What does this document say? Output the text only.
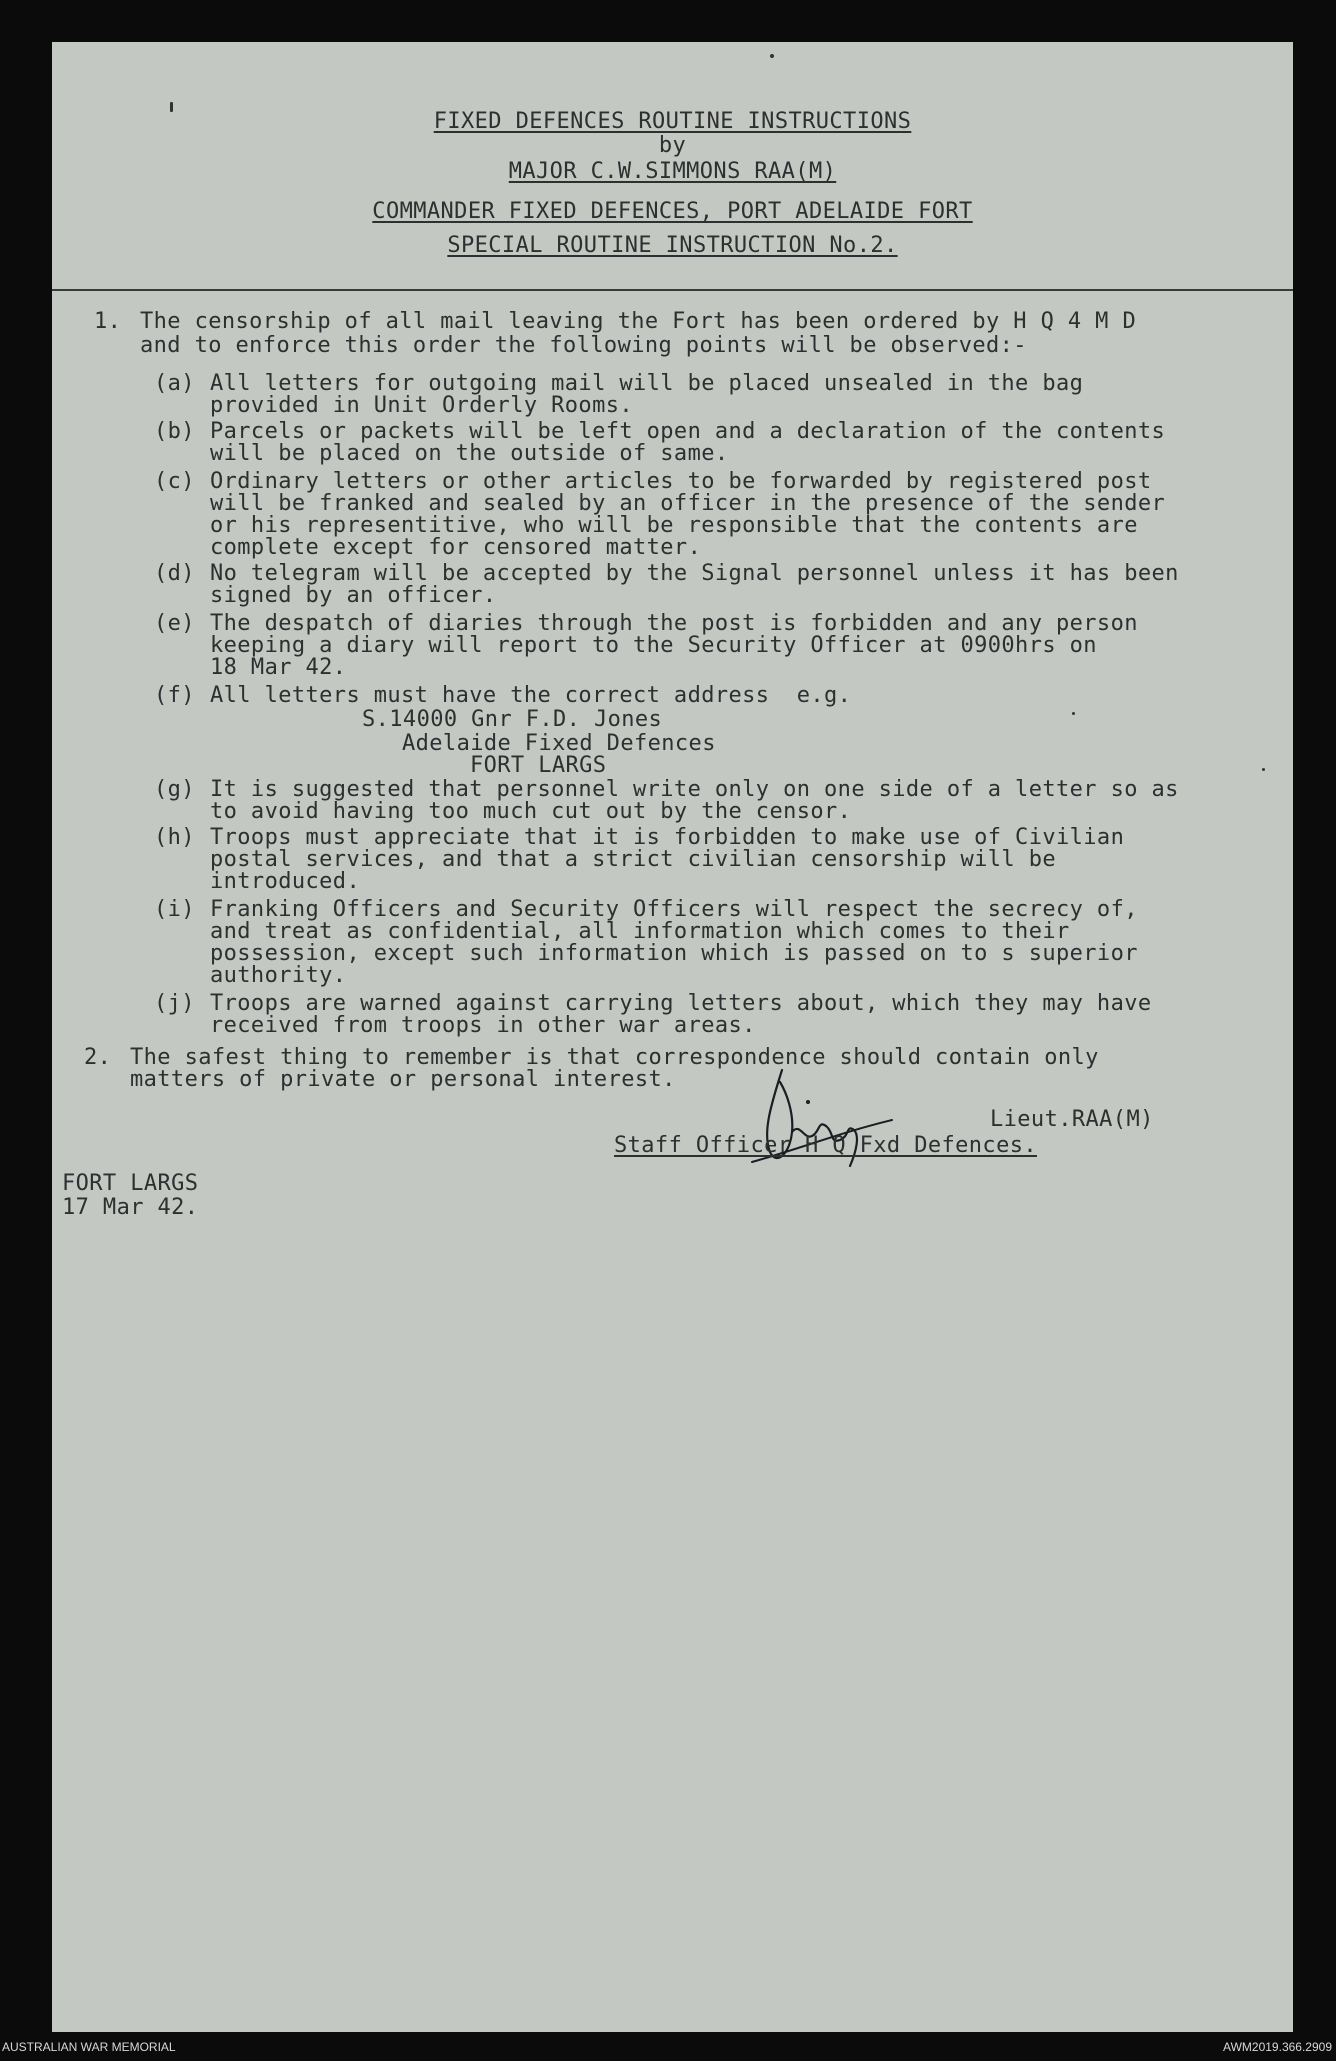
FIXED DEFENCES ROUTINE INSTRUCTIONS
by
MAJOR C.W.SIMMONS RAA(M)
COMMANDER FIXED DEFENCES, PORT ADELAIDE FORT
SPECIAL ROUTINE INSTRUCTION No.2.
1. The censorship of all mail leaving the Fort has been ordered by H Q 4 M D
and to enforce this order the following points will be observed:-
(a) All letters for outgoing mail will be placed unsealed in the bag
provided in Unit Orderly Rooms.
(b) Parcels or packets will be left open and a declaration of the contents
will be placed on the outside of same.
(c) Ordinary letters or other articles to be forwarded by registered post
will be franked and sealed by an officer in the presence of the sender
or his representitive, who will be responsible that the contents are
complete except for censored matter.
(d) No telegram will be accepted by the Signal personnel unless it has been
signed by an officer.
(e) The despatch of diaries through the post is forbidden and any person
keeping a diary will report to the Security Officer at 0900hrs on
18 Mar 42.
(f) All letters must have the correct address  e.g.
S.14000 Gnr F.D. Jones
Adelaide Fixed Defences
FORT LARGS
(g) It is suggested that personnel write only on one side of a letter so as
to avoid having too much cut out by the censor.
(h) Troops must appreciate that it is forbidden to make use of Civilian
postal services, and that a strict civilian censorship will be
introduced.
(i) Franking Officers and Security Officers will respect the secrecy of,
and treat as confidential, all information which comes to their
possession, except such information which is passed on to s superior
authority.
(j) Troops are warned against carrying letters about, which they may have
received from troops in other war areas.
2. The safest thing to remember is that correspondence should contain only
matters of private or personal interest.
Lieut.RAA(M)
Staff Officer H Q Fxd Defences.
FORT LARGS
17 Mar 42.
AUSTRALIAN WAR MEMORIAL	AWM2019.366.2909
